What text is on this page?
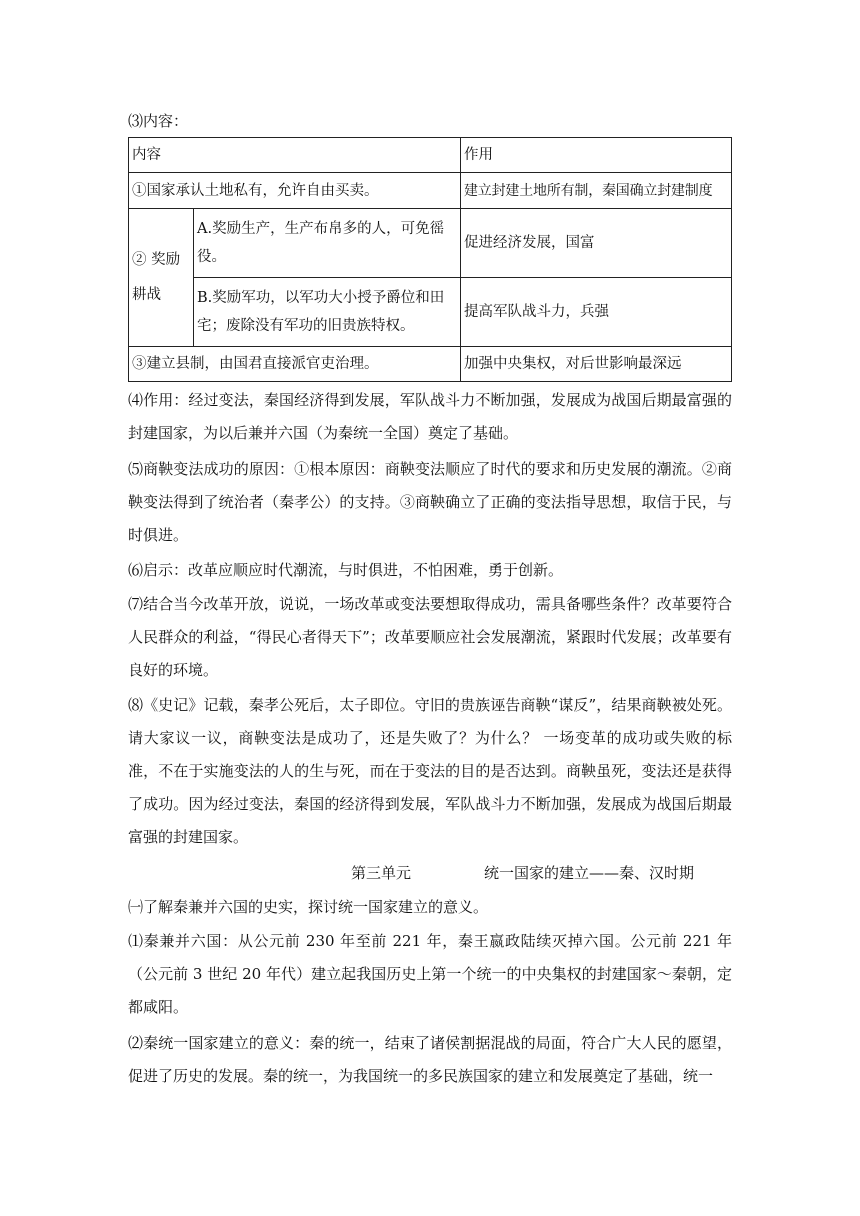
⑶内容：
内容		作用
①国家承认土地私有，允许自由买卖。		建立封建土地所有制，秦国确立封建制度
② 奖励 耕战	A.奖励生产，生产布帛多的人，可免徭役。	促进经济发展，国富
	B.奖励军功，以军功大小授予爵位和田宅；废除没有军功的旧贵族特权。	提高军队战斗力，兵强
③建立县制，由国君直接派官吏治理。		加强中央集权，对后世影响最深远
⑷作用：经过变法，秦国经济得到发展，军队战斗力不断加强，发展成为战国后期最富强的封建国家，为以后兼并六国（为秦统一全国）奠定了基础。
⑸商鞅变法成功的原因：①根本原因：商鞅变法顺应了时代的要求和历史发展的潮流。②商鞅变法得到了统治者（秦孝公）的支持。③商鞅确立了正确的变法指导思想，取信于民，与时俱进。
⑹启示：改革应顺应时代潮流，与时俱进，不怕困难，勇于创新。
⑺结合当今改革开放，说说，一场改革或变法要想取得成功，需具备哪些条件？改革要符合人民群众的利益，“得民心者得天下”；改革要顺应社会发展潮流，紧跟时代发展；改革要有良好的环境。
⑻《史记》记载，秦孝公死后，太子即位。守旧的贵族诬告商鞅“谋反”，结果商鞅被处死。请大家议一议，商鞅变法是成功了，还是失败了？为什么？ 一场变革的成功或失败的标准，不在于实施变法的人的生与死，而在于变法的目的是否达到。商鞅虽死，变法还是获得了成功。因为经过变法，秦国的经济得到发展，军队战斗力不断加强，发展成为战国后期最富强的封建国家。
第三单元	统一国家的建立——秦、汉时期
㈠了解秦兼并六国的史实，探讨统一国家建立的意义。
⑴秦兼并六国：从公元前 230 年至前 221 年，秦王嬴政陆续灭掉六国。公元前 221 年（公元前 3 世纪 20 年代）建立起我国历史上第一个统一的中央集权的封建国家～秦朝，定都咸阳。
⑵秦统一国家建立的意义：秦的统一，结束了诸侯割据混战的局面，符合广大人民的愿望，促进了历史的发展。秦的统一，为我国统一的多民族国家的建立和发展奠定了基础，统一
